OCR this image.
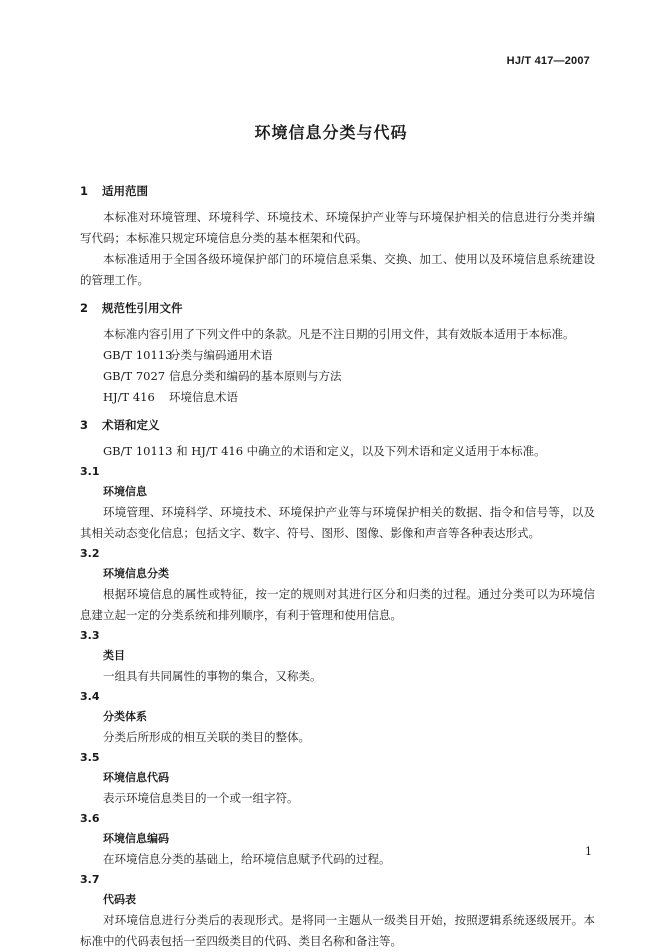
HJ/T 417—2007
环境信息分类与代码
1 适用范围

本标准对环境管理、环境科学、环境技术、环境保护产业等与环境保护相关的信息进行分类并编写代码；本标准只规定环境信息分类的基本框架和代码。

本标准适用于全国各级环境保护部门的环境信息采集、交换、加工、使用以及环境信息系统建设的管理工作。

2 规范性引用文件

本标准内容引用了下列文件中的条款。凡是不注日期的引用文件，其有效版本适用于本标准。

GB/T 10113分类与编码通用术语
GB/T 7027 信息分类和编码的基本原则与方法
HJ/T 416 环境信息术语
3 术语和定义

GB/T 10113 和 HJ/T 416 中确立的术语和定义，以及下列术语和定义适用于本标准。

3.1
环境信息

环境管理、环境科学、环境技术、环境保护产业等与环境保护相关的数据、指令和信号等，以及其相关动态变化信息；包括文字、数字、符号、图形、图像、影像和声音等各种表达形式。

3.2
环境信息分类

根据环境信息的属性或特征，按一定的规则对其进行区分和归类的过程。通过分类可以为环境信息建立起一定的分类系统和排列顺序，有利于管理和使用信息。

3.3
类目

一组具有共同属性的事物的集合，又称类。

3.4
分类体系

分类后所形成的相互关联的类目的整体。

3.5
环境信息代码

表示环境信息类目的一个或一组字符。

3.6
环境信息编码

在环境信息分类的基础上，给环境信息赋予代码的过程。

3.7
代码表

对环境信息进行分类后的表现形式。是将同一主题从一级类目开始，按照逻辑系统逐级展开。本标准中的代码表包括一至四级类目的代码、类目名称和备注等。

1
